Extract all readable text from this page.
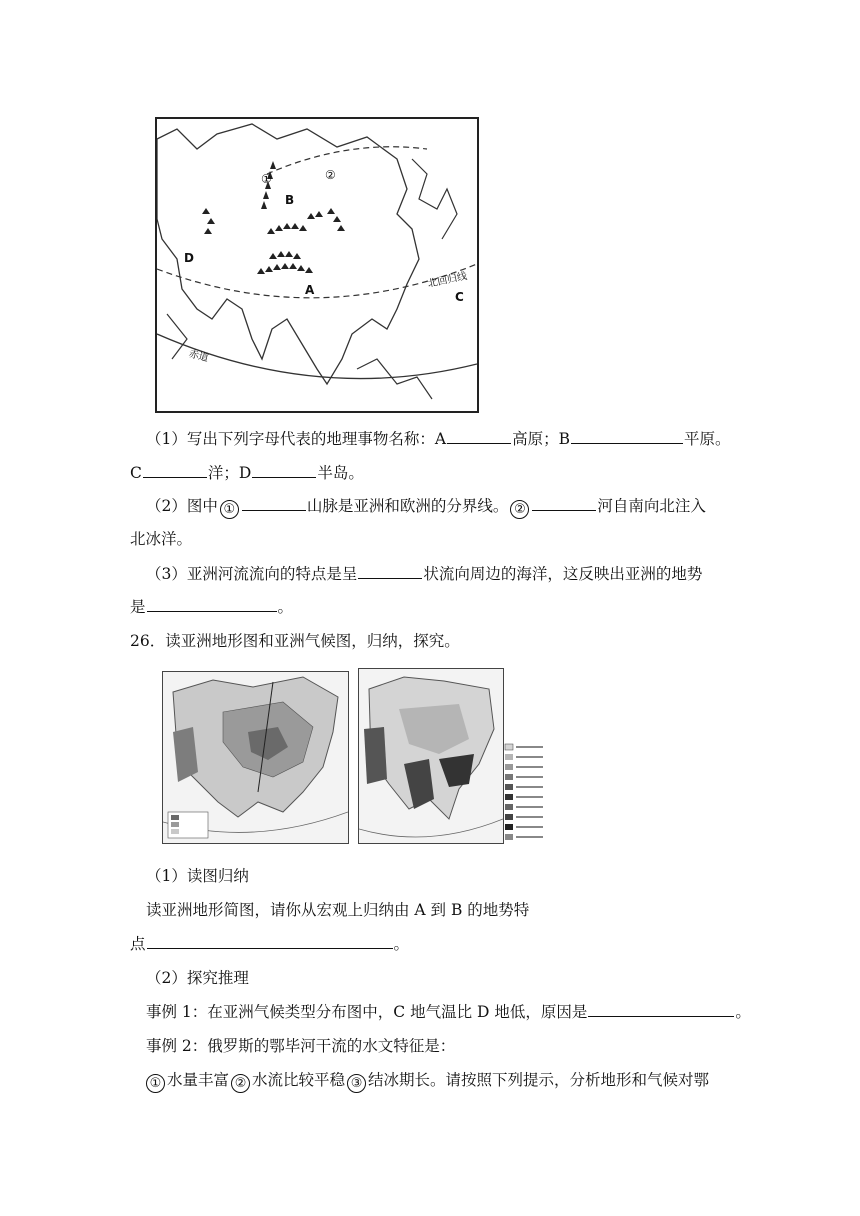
A
B
C
D
①	②
北回归线
赤道
（1）写出下列字母代表的地理事物名称：A	高原；B	平原。
C	洋；D	半岛。
（2）图中 ①	山脉是亚洲和欧洲的分界线。 ②	河自南向北注入
北冰洋。
（3）亚洲河流流向的特点是呈	状流向周边的海洋，这反映出亚洲的地势
是	。
26．读亚洲地形图和亚洲气候图，归纳，探究。
（1）读图归纳
读亚洲地形简图，请你从宏观上归纳由 A 到 B 的地势特
点	。
（2）探究推理
事例 1：在亚洲气候类型分布图中，C 地气温比 D 地低，原因是	。
事例 2：俄罗斯的鄂毕河干流的水文特征是：
① 水量丰富 ② 水流比较平稳 ③ 结冰期长。请按照下列提示，分析地形和气候对鄂
